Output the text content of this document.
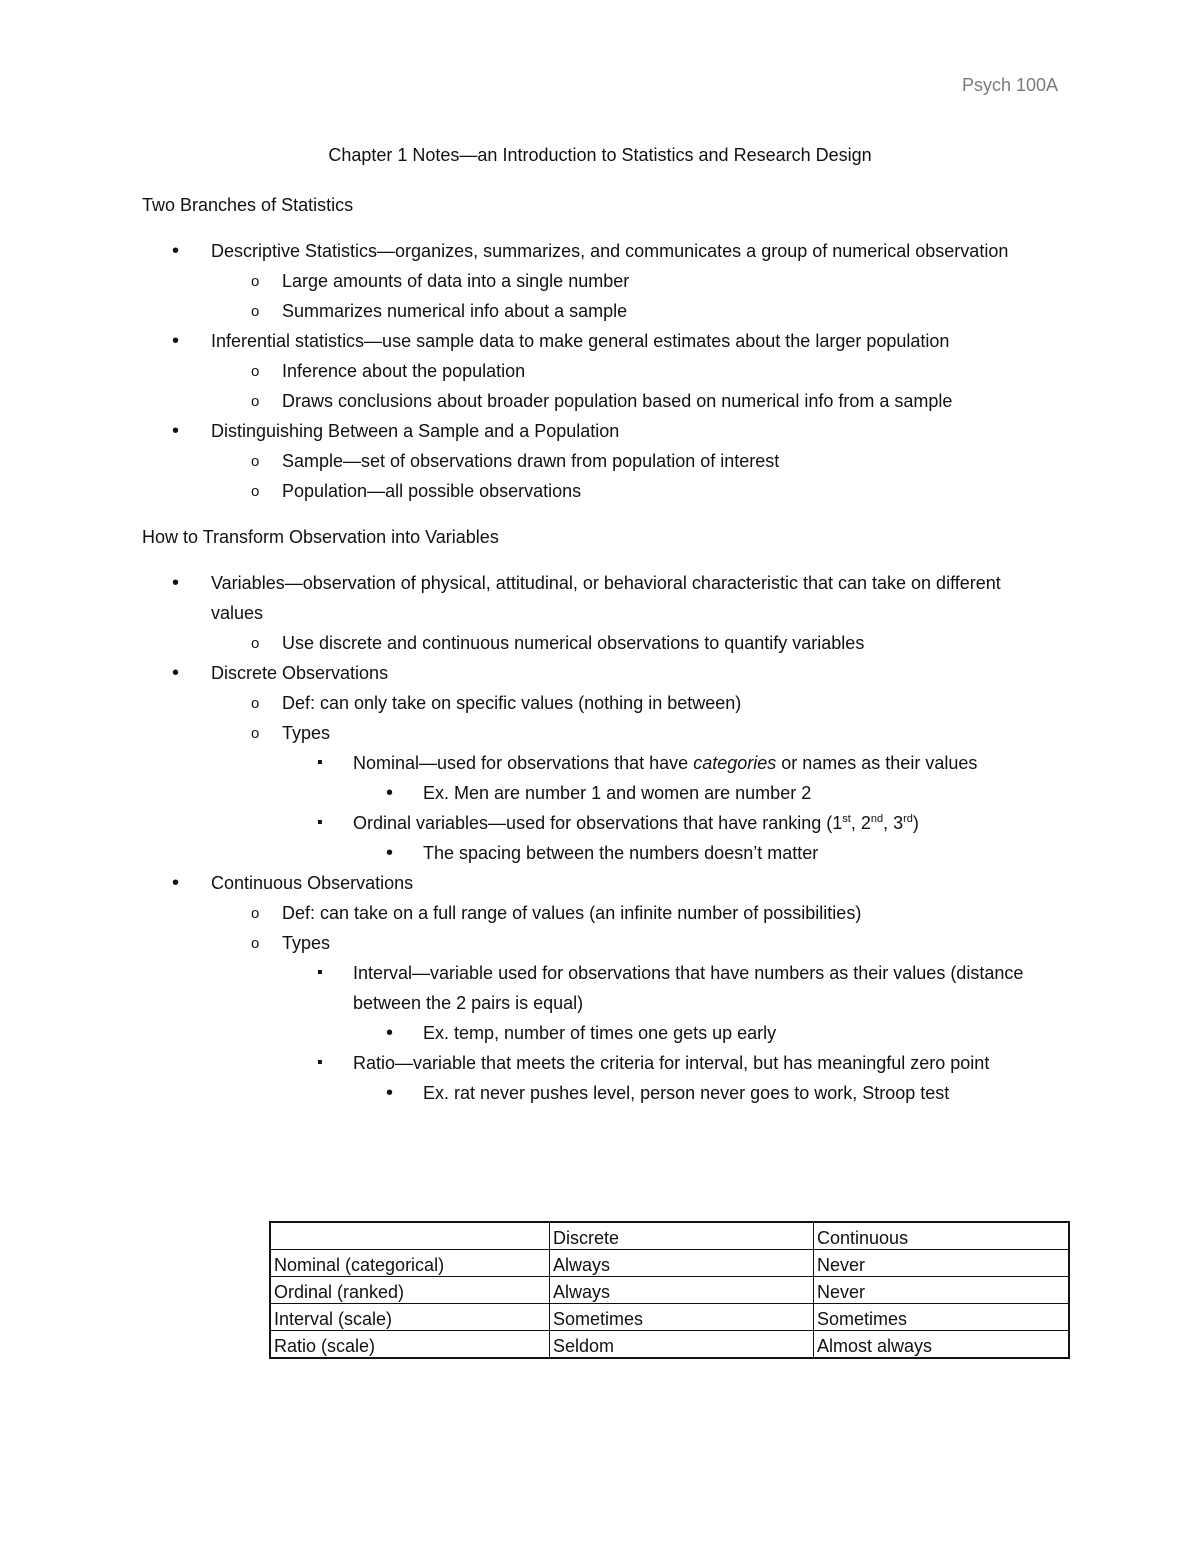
Psych 100A
Chapter 1 Notes—an Introduction to Statistics and Research Design
Two Branches of Statistics
• Descriptive Statistics—organizes, summarizes, and communicates a group of numerical observation
o Large amounts of data into a single number
o Summarizes numerical info about a sample
• Inferential statistics—use sample data to make general estimates about the larger population
o Inference about the population
o Draws conclusions about broader population based on numerical info from a sample
• Distinguishing Between a Sample and a Population
o Sample—set of observations drawn from population of interest
o Population—all possible observations
How to Transform Observation into Variables
• Variables—observation of physical, attitudinal, or behavioral characteristic that can take on different values
o Use discrete and continuous numerical observations to quantify variables
• Discrete Observations
o Def: can only take on specific values (nothing in between)
o Types
▪ Nominal—used for observations that have categories or names as their values
• Ex. Men are number 1 and women are number 2
▪ Ordinal variables—used for observations that have ranking (1st, 2nd, 3rd)
• The spacing between the numbers doesn’t matter
• Continuous Observations
o Def: can take on a full range of values (an infinite number of possibilities)
o Types
▪ Interval—variable used for observations that have numbers as their values (distance between the 2 pairs is equal)
• Ex. temp, number of times one gets up early
▪ Ratio—variable that meets the criteria for interval, but has meaningful zero point
• Ex. rat never pushes level, person never goes to work, Stroop test
	Discrete	Continuous
Nominal (categorical)	Always	Never
Ordinal (ranked)	Always	Never
Interval (scale)	Sometimes	Sometimes
Ratio (scale)	Seldom	Almost always
